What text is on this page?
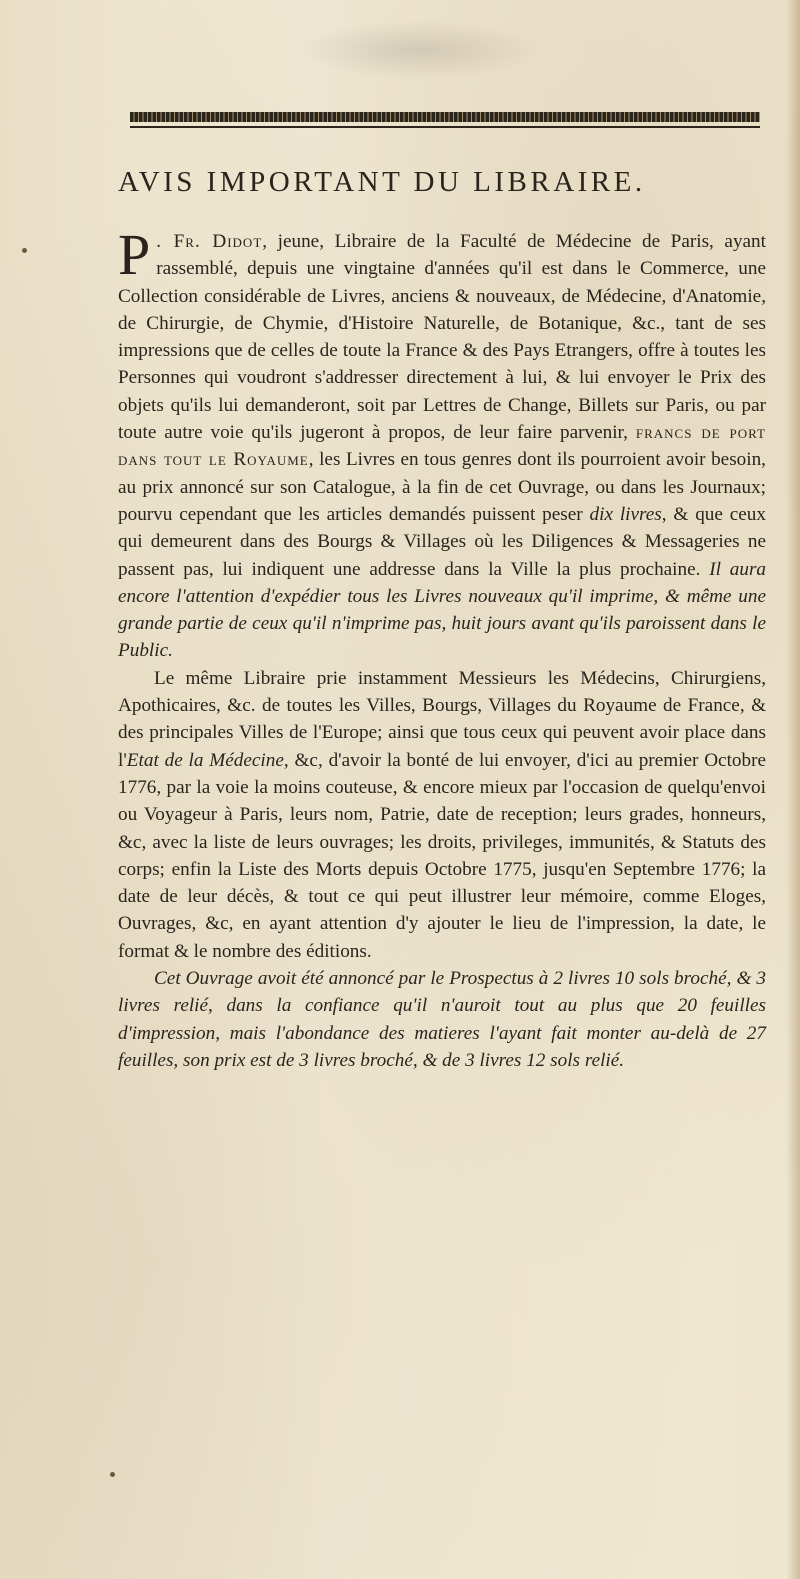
AVIS IMPORTANT DU LIBRAIRE.

P . Fr. Didot, jeune, Libraire de la Faculté de Médecine de Paris, ayant rassemblé, depuis une vingtaine d'années qu'il est dans le Commerce, une Collection considérable de Livres, anciens & nouveaux, de Médecine, d'Anatomie, de Chirurgie, de Chymie, d'Histoire Naturelle, de Botanique, &c., tant de ses impressions que de celles de toute la France & des Pays Etrangers, offre à toutes les Personnes qui voudront s'addresser directement à lui, & lui envoyer le Prix des objets qu'ils lui demanderont, soit par Lettres de Change, Billets sur Paris, ou par toute autre voie qu'ils jugeront à propos, de leur faire parvenir, francs de port dans tout le Royaume, les Livres en tous genres dont ils pourroient avoir besoin, au prix annoncé sur son Catalogue, à la fin de cet Ouvrage, ou dans les Journaux; pourvu cependant que les articles demandés puissent peser dix livres, & que ceux qui demeurent dans des Bourgs & Villages où les Diligences & Messageries ne passent pas, lui indiquent une addresse dans la Ville la plus prochaine. Il aura encore l'attention d'expédier tous les Livres nouveaux qu'il imprime, & même une grande partie de ceux qu'il n'imprime pas, huit jours avant qu'ils paroissent dans le Public.

Le même Libraire prie instamment Messieurs les Médecins, Chirurgiens, Apothicaires, &c. de toutes les Villes, Bourgs, Villages du Royaume de France, & des principales Villes de l'Europe; ainsi que tous ceux qui peuvent avoir place dans l'Etat de la Médecine, &c, d'avoir la bonté de lui envoyer, d'ici au premier Octobre 1776, par la voie la moins couteuse, & encore mieux par l'occasion de quelqu'envoi ou Voyageur à Paris, leurs nom, Patrie, date de reception; leurs grades, honneurs, &c, avec la liste de leurs ouvrages; les droits, privileges, immunités, & Statuts des corps; enfin la Liste des Morts depuis Octobre 1775, jusqu'en Septembre 1776; la date de leur décès, & tout ce qui peut illustrer leur mémoire, comme Eloges, Ouvrages, &c, en ayant attention d'y ajouter le lieu de l'impression, la date, le format & le nombre des éditions.

Cet Ouvrage avoit été annoncé par le Prospectus à 2 livres 10 sols broché, & 3 livres relié, dans la confiance qu'il n'auroit tout au plus que 20 feuilles d'impression, mais l'abondance des matieres l'ayant fait monter au-delà de 27 feuilles, son prix est de 3 livres broché, & de 3 livres 12 sols relié.
